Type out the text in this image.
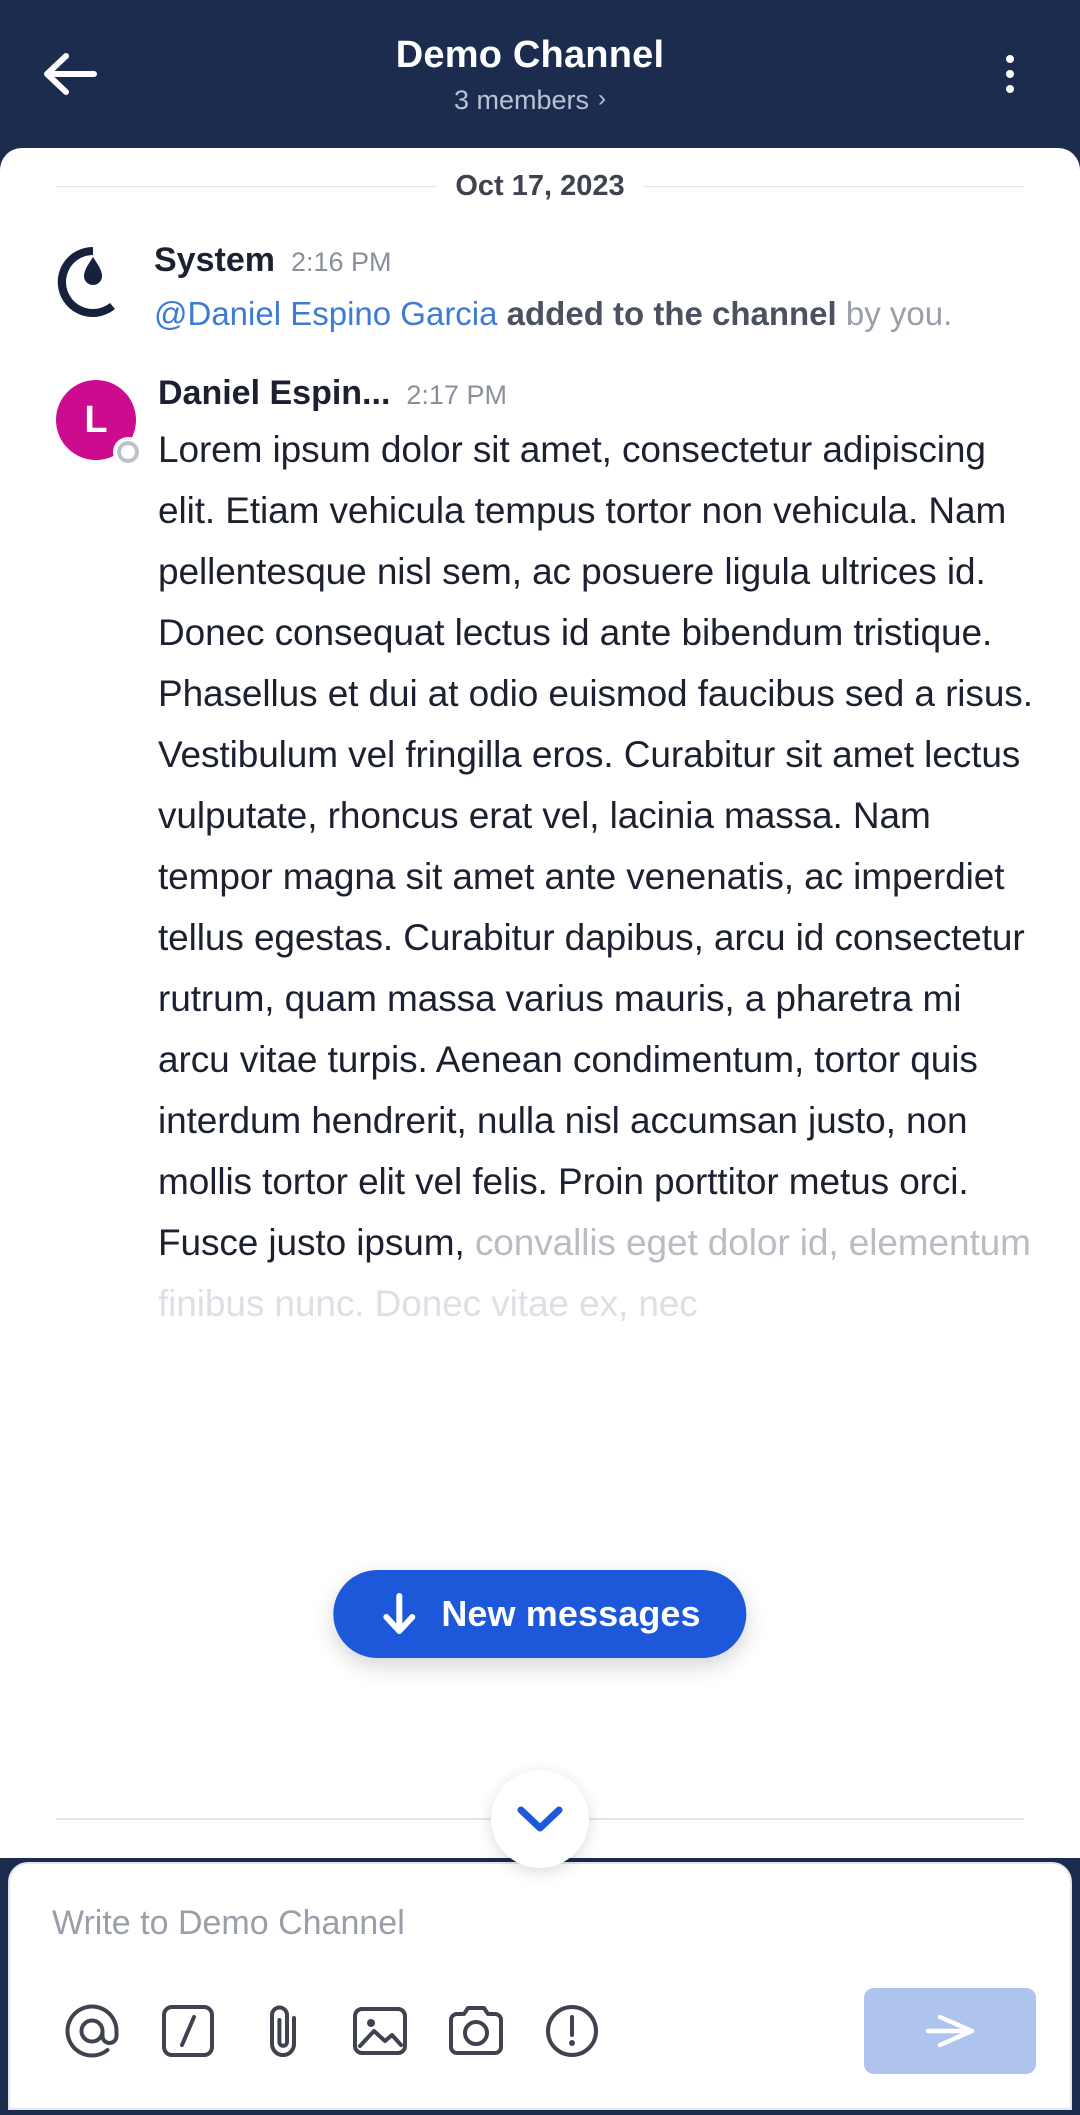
Demo Channel
3 members ›
Oct 17, 2023
System 2:16 PM
@Daniel Espino Garcia added to the channel by you.
L
Daniel Espin... 2:17 PM
Lorem ipsum dolor sit amet, consectetur adipiscing elit. Etiam vehicula tempus tortor non vehicula. Nam pellentesque nisl sem, ac posuere ligula ultrices id. Donec consequat lectus id ante bibendum tristique. Phasellus et dui at odio euismod faucibus sed a risus. Vestibulum vel fringilla eros. Curabitur sit amet lectus vulputate, rhoncus erat vel, lacinia massa. Nam tempor magna sit amet ante venenatis, ac imperdiet tellus egestas. Curabitur dapibus, arcu id consectetur rutrum, quam massa varius mauris, a pharetra mi arcu vitae turpis. Aenean condimentum, tortor quis interdum hendrerit, nulla nisl accumsan justo, non mollis tortor elit vel felis. Proin porttitor metus orci. Fusce justo ipsum, convallis eget dolor id, elementum finibus nunc. Donec vitae ex, nec
New messages
Write to Demo Channel
